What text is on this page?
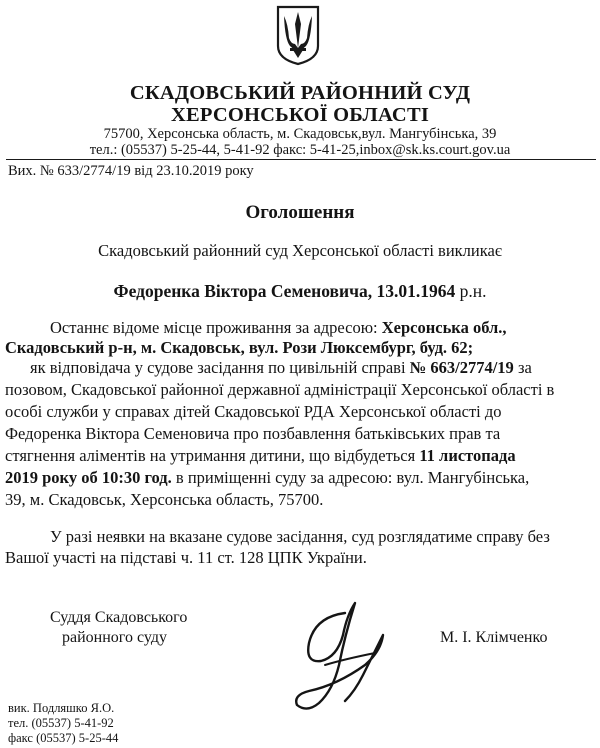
СКАДОВСЬКИЙ РАЙОННИЙ СУД
ХЕРСОНСЬКОЇ ОБЛАСТІ
75700, Херсонська область, м. Скадовськ,вул. Мангубінська, 39
тел.: (05537) 5-25-44, 5-41-92 факс: 5-41-25,inbox@sk.ks.court.gov.ua
Вих. № 633/2774/19 від 23.10.2019 року
Оголошення
Скадовський районний суд Херсонської області викликає
Федоренка Віктора Семеновича, 13.01.1964 р.н.
Останнє відоме місце проживання за адресою: Херсонська обл.,
Скадовський р-н, м. Скадовськ, вул. Рози Люксембург, буд. 62;
як відповідача у судове засідання по цивільній справі № 663/2774/19 за
позовом, Скадовської районної державної адміністрації Херсонської області в
особі служби у справах дітей Скадовської РДА Херсонської області до
Федоренка Віктора Семеновича про позбавлення батьківських прав та
стягнення аліментів на утримання дитини, що відбудеться 11 листопада
2019 року об 10:30 год. в приміщенні суду за адресою: вул. Мангубінська,
39, м. Скадовськ, Херсонська область, 75700.
У разі неявки на вказане судове засідання, суд розглядатиме справу без
Вашої участі на підставі ч. 11 ст. 128 ЦПК України.
Суддя Скадовського
районного суду	М. І. Клімченко
вик. Подляшко Я.О.
тел. (05537) 5-41-92
факс (05537) 5-25-44
